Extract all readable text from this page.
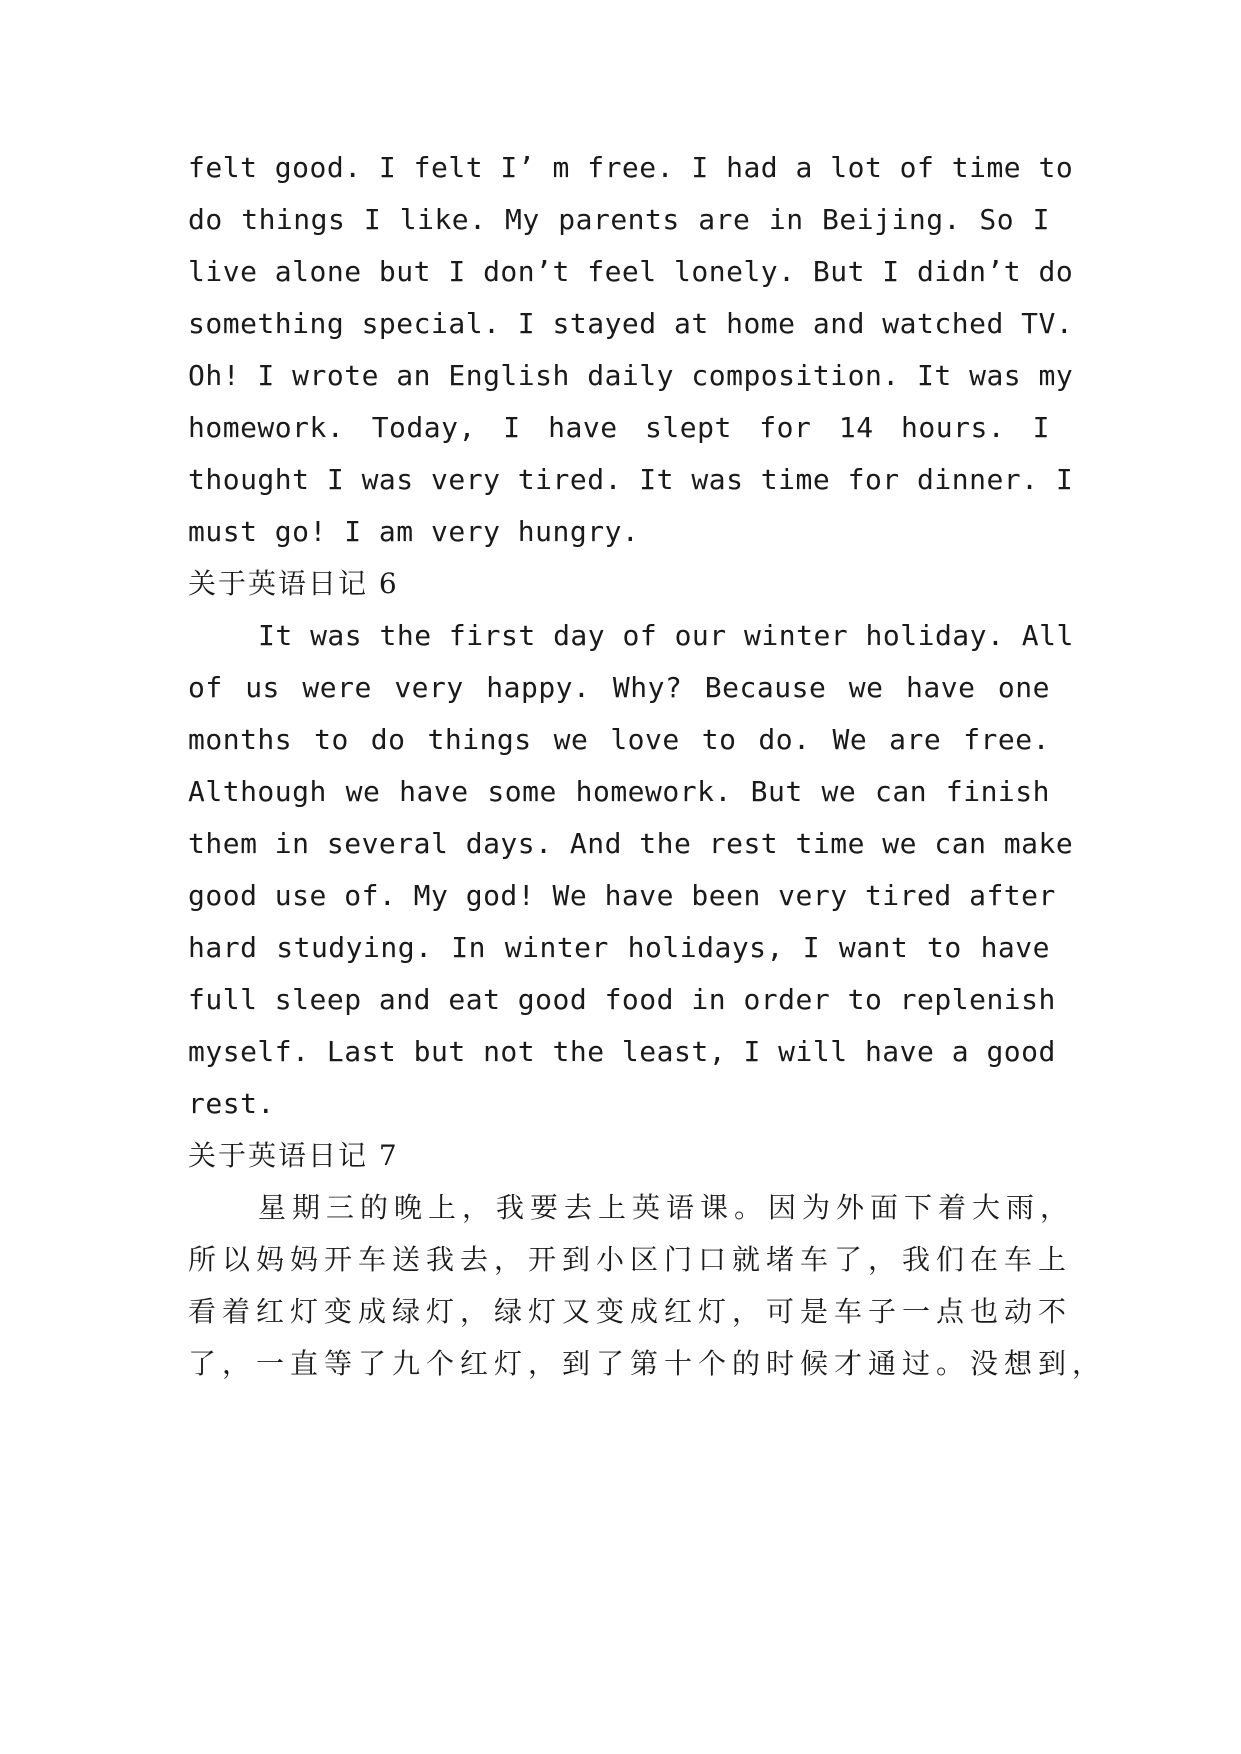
felt good. I felt I’ m free. I had a lot of time to
do things I like. My parents are in Beijing. So I
live alone but I don’t feel lonely. But I didn’t do
something special. I stayed at home and watched TV.
Oh! I wrote an English daily composition. It was my
homework. Today, I have slept for 14 hours. I
thought I was very tired. It was time for dinner. I
must go! I am very hungry.
关于英语日记 6
It was the first day of our winter holiday. All
of us were very happy. Why? Because we have one
months to do things we love to do. We are free.
Although we have some homework. But we can finish
them in several days. And the rest time we can make
good use of. My god! We have been very tired after
hard studying. In winter holidays, I want to have
full sleep and eat good food in order to replenish
myself. Last but not the least, I will have a good
rest.
关于英语日记 7
星期三的晚上，我要去上英语课。因为外面下着大雨，
所以妈妈开车送我去，开到小区门口就堵车了，我们在车上
看着红灯变成绿灯，绿灯又变成红灯，可是车子一点也动不
了，一直等了九个红灯，到了第十个的时候才通过。没想到，
